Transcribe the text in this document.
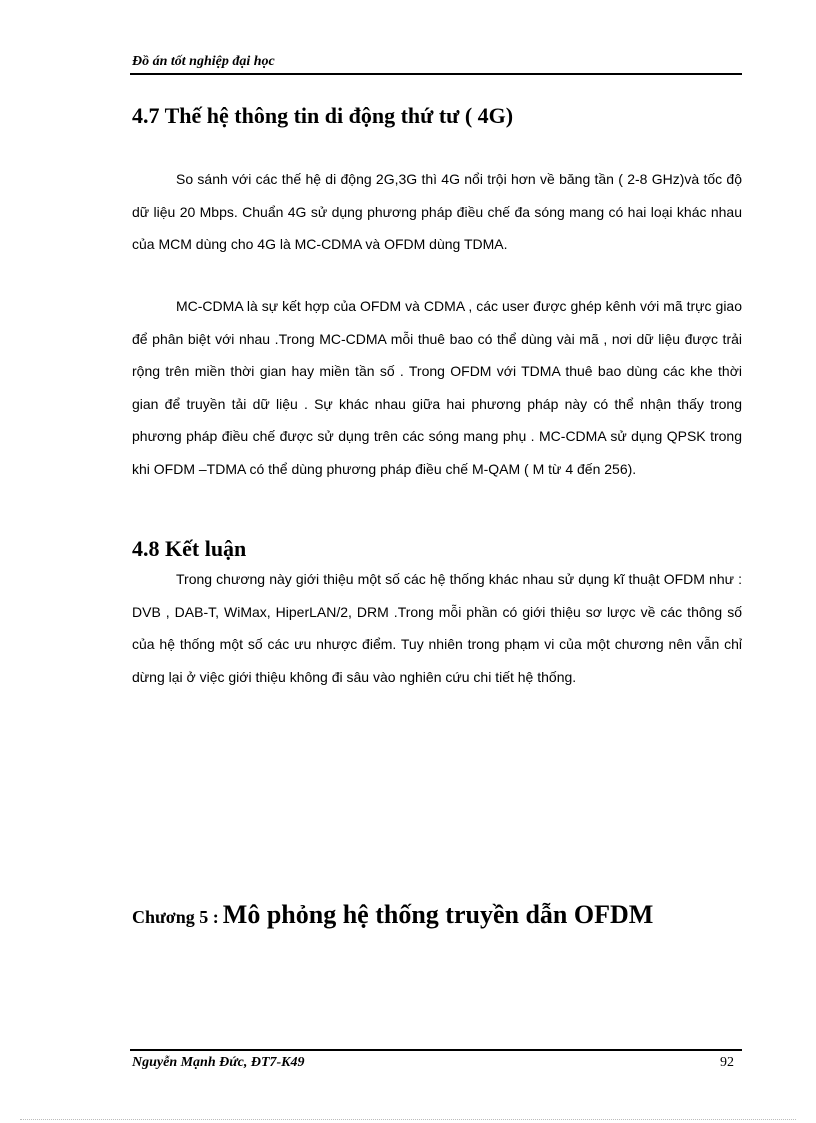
Đồ án tốt nghiệp đại học
4.7 Thế hệ thông tin di động thứ tư ( 4G)

So sánh với các thế hệ di động 2G,3G thì 4G nổi trội hơn về băng tần ( 2-8 GHz)và tốc độ dữ liệu 20 Mbps. Chuẩn 4G sử dụng phương pháp điều chế đa sóng mang có hai loại khác nhau của MCM dùng cho 4G là MC-CDMA và OFDM dùng TDMA.

MC-CDMA là sự kết hợp của OFDM và CDMA , các user được ghép kênh với mã trực giao để phân biệt với nhau .Trong MC-CDMA mỗi thuê bao có thể dùng vài mã , nơi dữ liệu được trải rộng trên miền thời gian hay miền tần số . Trong OFDM với TDMA thuê bao dùng các khe thời gian để truyền tải dữ liệu . Sự khác nhau giữa hai phương pháp này có thể nhận thấy trong phương pháp điều chế được sử dụng trên các sóng mang phụ . MC-CDMA sử dụng QPSK trong khi OFDM –TDMA có thể dùng phương pháp điều chế M-QAM ( M từ 4 đến 256).

4.8 Kết luận

Trong chương này giới thiệu một số các hệ thống khác nhau sử dụng kĩ thuật OFDM như : DVB , DAB-T, WiMax, HiperLAN/2, DRM .Trong mỗi phần có giới thiệu sơ lược về các thông số của hệ thống một số các ưu nhược điểm. Tuy nhiên trong phạm vi của một chương nên vẫn chỉ dừng lại ở việc giới thiệu không đi sâu vào nghiên cứu chi tiết hệ thống.

Chương 5 : Mô phỏng hệ thống truyền dẫn OFDM
Nguyễn Mạnh Đức, ĐT7-K49	92
